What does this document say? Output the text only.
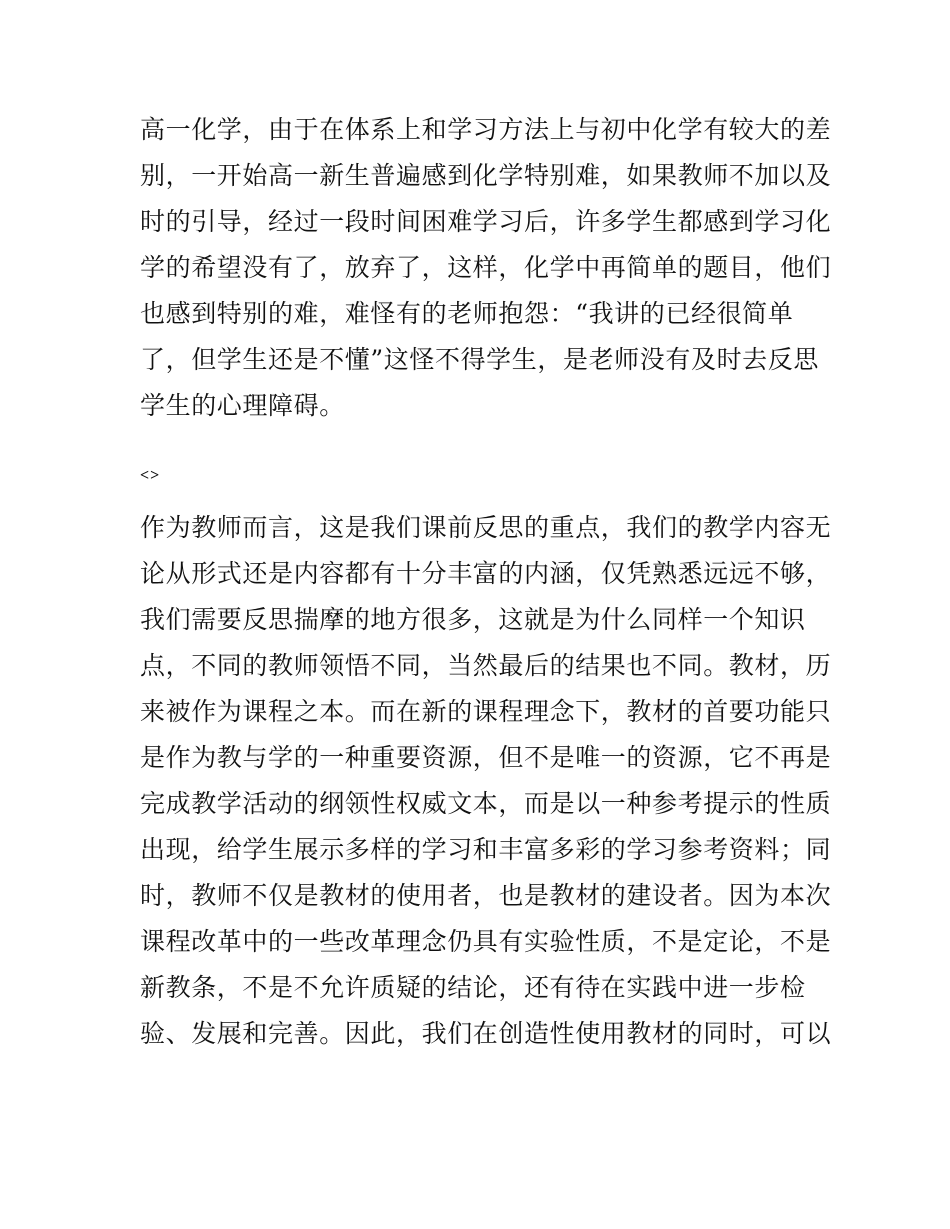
高一化学，由于在体系上和学习方法上与初中化学有较大的差
别，一开始高一新生普遍感到化学特别难，如果教师不加以及
时的引导，经过一段时间困难学习后，许多学生都感到学习化
学的希望没有了，放弃了，这样，化学中再简单的题目，他们
也感到特别的难，难怪有的老师抱怨：“我讲的已经很简单
了，但学生还是不懂”这怪不得学生，是老师没有及时去反思
学生的心理障碍。
<>
作为教师而言，这是我们课前反思的重点，我们的教学内容无
论从形式还是内容都有十分丰富的内涵，仅凭熟悉远远不够，
我们需要反思揣摩的地方很多，这就是为什么同样一个知识
点，不同的教师领悟不同，当然最后的结果也不同。教材，历
来被作为课程之本。而在新的课程理念下，教材的首要功能只
是作为教与学的一种重要资源，但不是唯一的资源，它不再是
完成教学活动的纲领性权威文本，而是以一种参考提示的性质
出现，给学生展示多样的学习和丰富多彩的学习参考资料；同
时，教师不仅是教材的使用者，也是教材的建设者。因为本次
课程改革中的一些改革理念仍具有实验性质，不是定论，不是
新教条，不是不允许质疑的结论，还有待在实践中进一步检
验、发展和完善。因此，我们在创造性使用教材的同时，可以
